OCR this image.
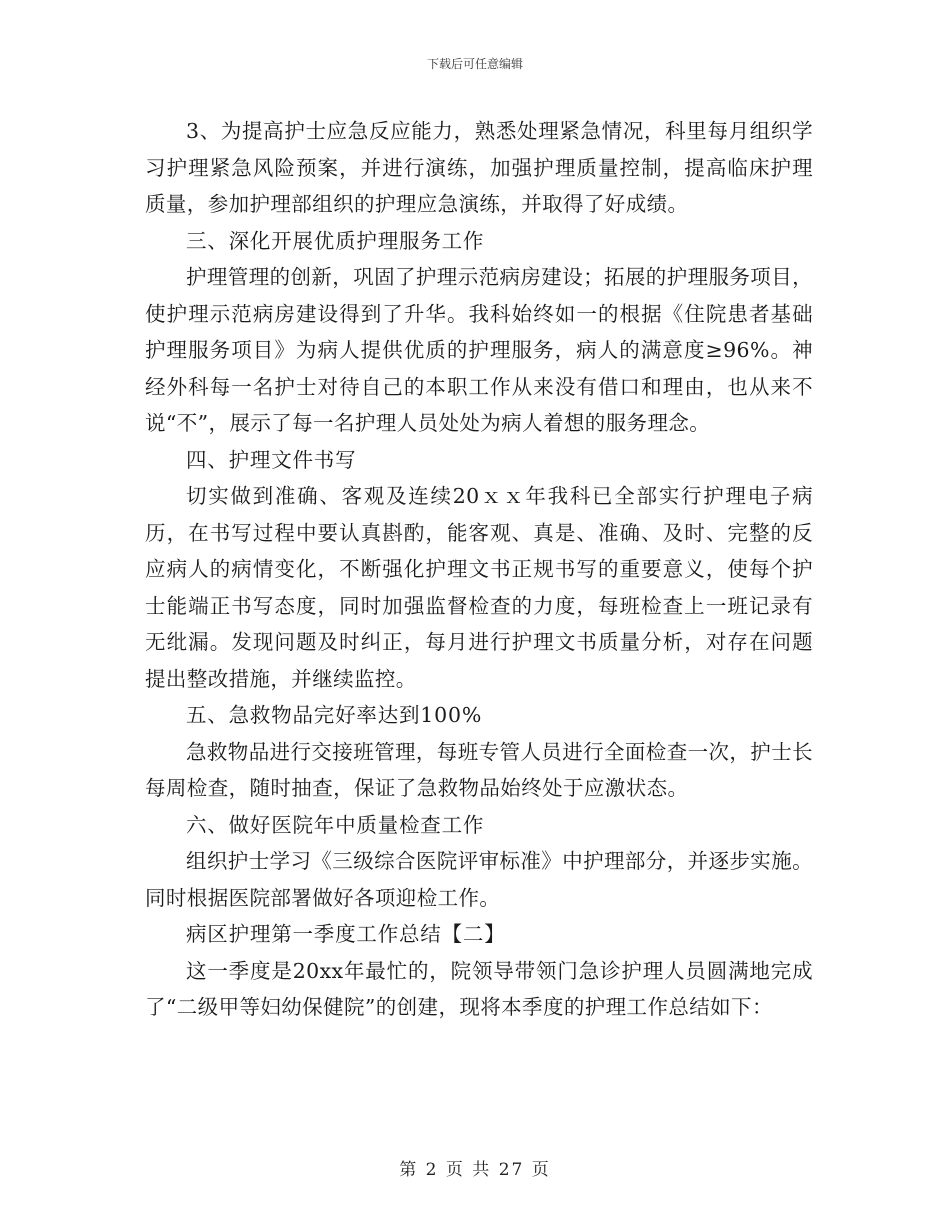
下载后可任意编辑

3、为提高护士应急反应能力，熟悉处理紧急情况，科里每月组织学习护理紧急风险预案，并进行演练，加强护理质量控制，提高临床护理质量，参加护理部组织的护理应急演练，并取得了好成绩。

三、深化开展优质护理服务工作

护理管理的创新，巩固了护理示范病房建设；拓展的护理服务项目，使护理示范病房建设得到了升华。我科始终如一的根据《住院患者基础护理服务项目》为病人提供优质的护理服务，病人的满意度≥96%。神经外科每一名护士对待自己的本职工作从来没有借口和理由，也从来不说“不”，展示了每一名护理人员处处为病人着想的服务理念。

四、护理文件书写

切实做到准确、客观及连续20ｘｘ年我科已全部实行护理电子病历，在书写过程中要认真斟酌，能客观、真是、准确、及时、完整的反应病人的病情变化，不断强化护理文书正规书写的重要意义，使每个护士能端正书写态度，同时加强监督检查的力度，每班检查上一班记录有无纰漏。发现问题及时纠正，每月进行护理文书质量分析，对存在问题提出整改措施，并继续监控。

五、急救物品完好率达到100%

急救物品进行交接班管理，每班专管人员进行全面检查一次，护士长每周检查，随时抽查，保证了急救物品始终处于应激状态。

六、做好医院年中质量检查工作

组织护士学习《三级综合医院评审标准》中护理部分，并逐步实施。同时根据医院部署做好各项迎检工作。

病区护理第一季度工作总结【二】

这一季度是20xx年最忙的，院领导带领门急诊护理人员圆满地完成了“二级甲等妇幼保健院”的创建，现将本季度的护理工作总结如下：

第 2 页 共 27 页
